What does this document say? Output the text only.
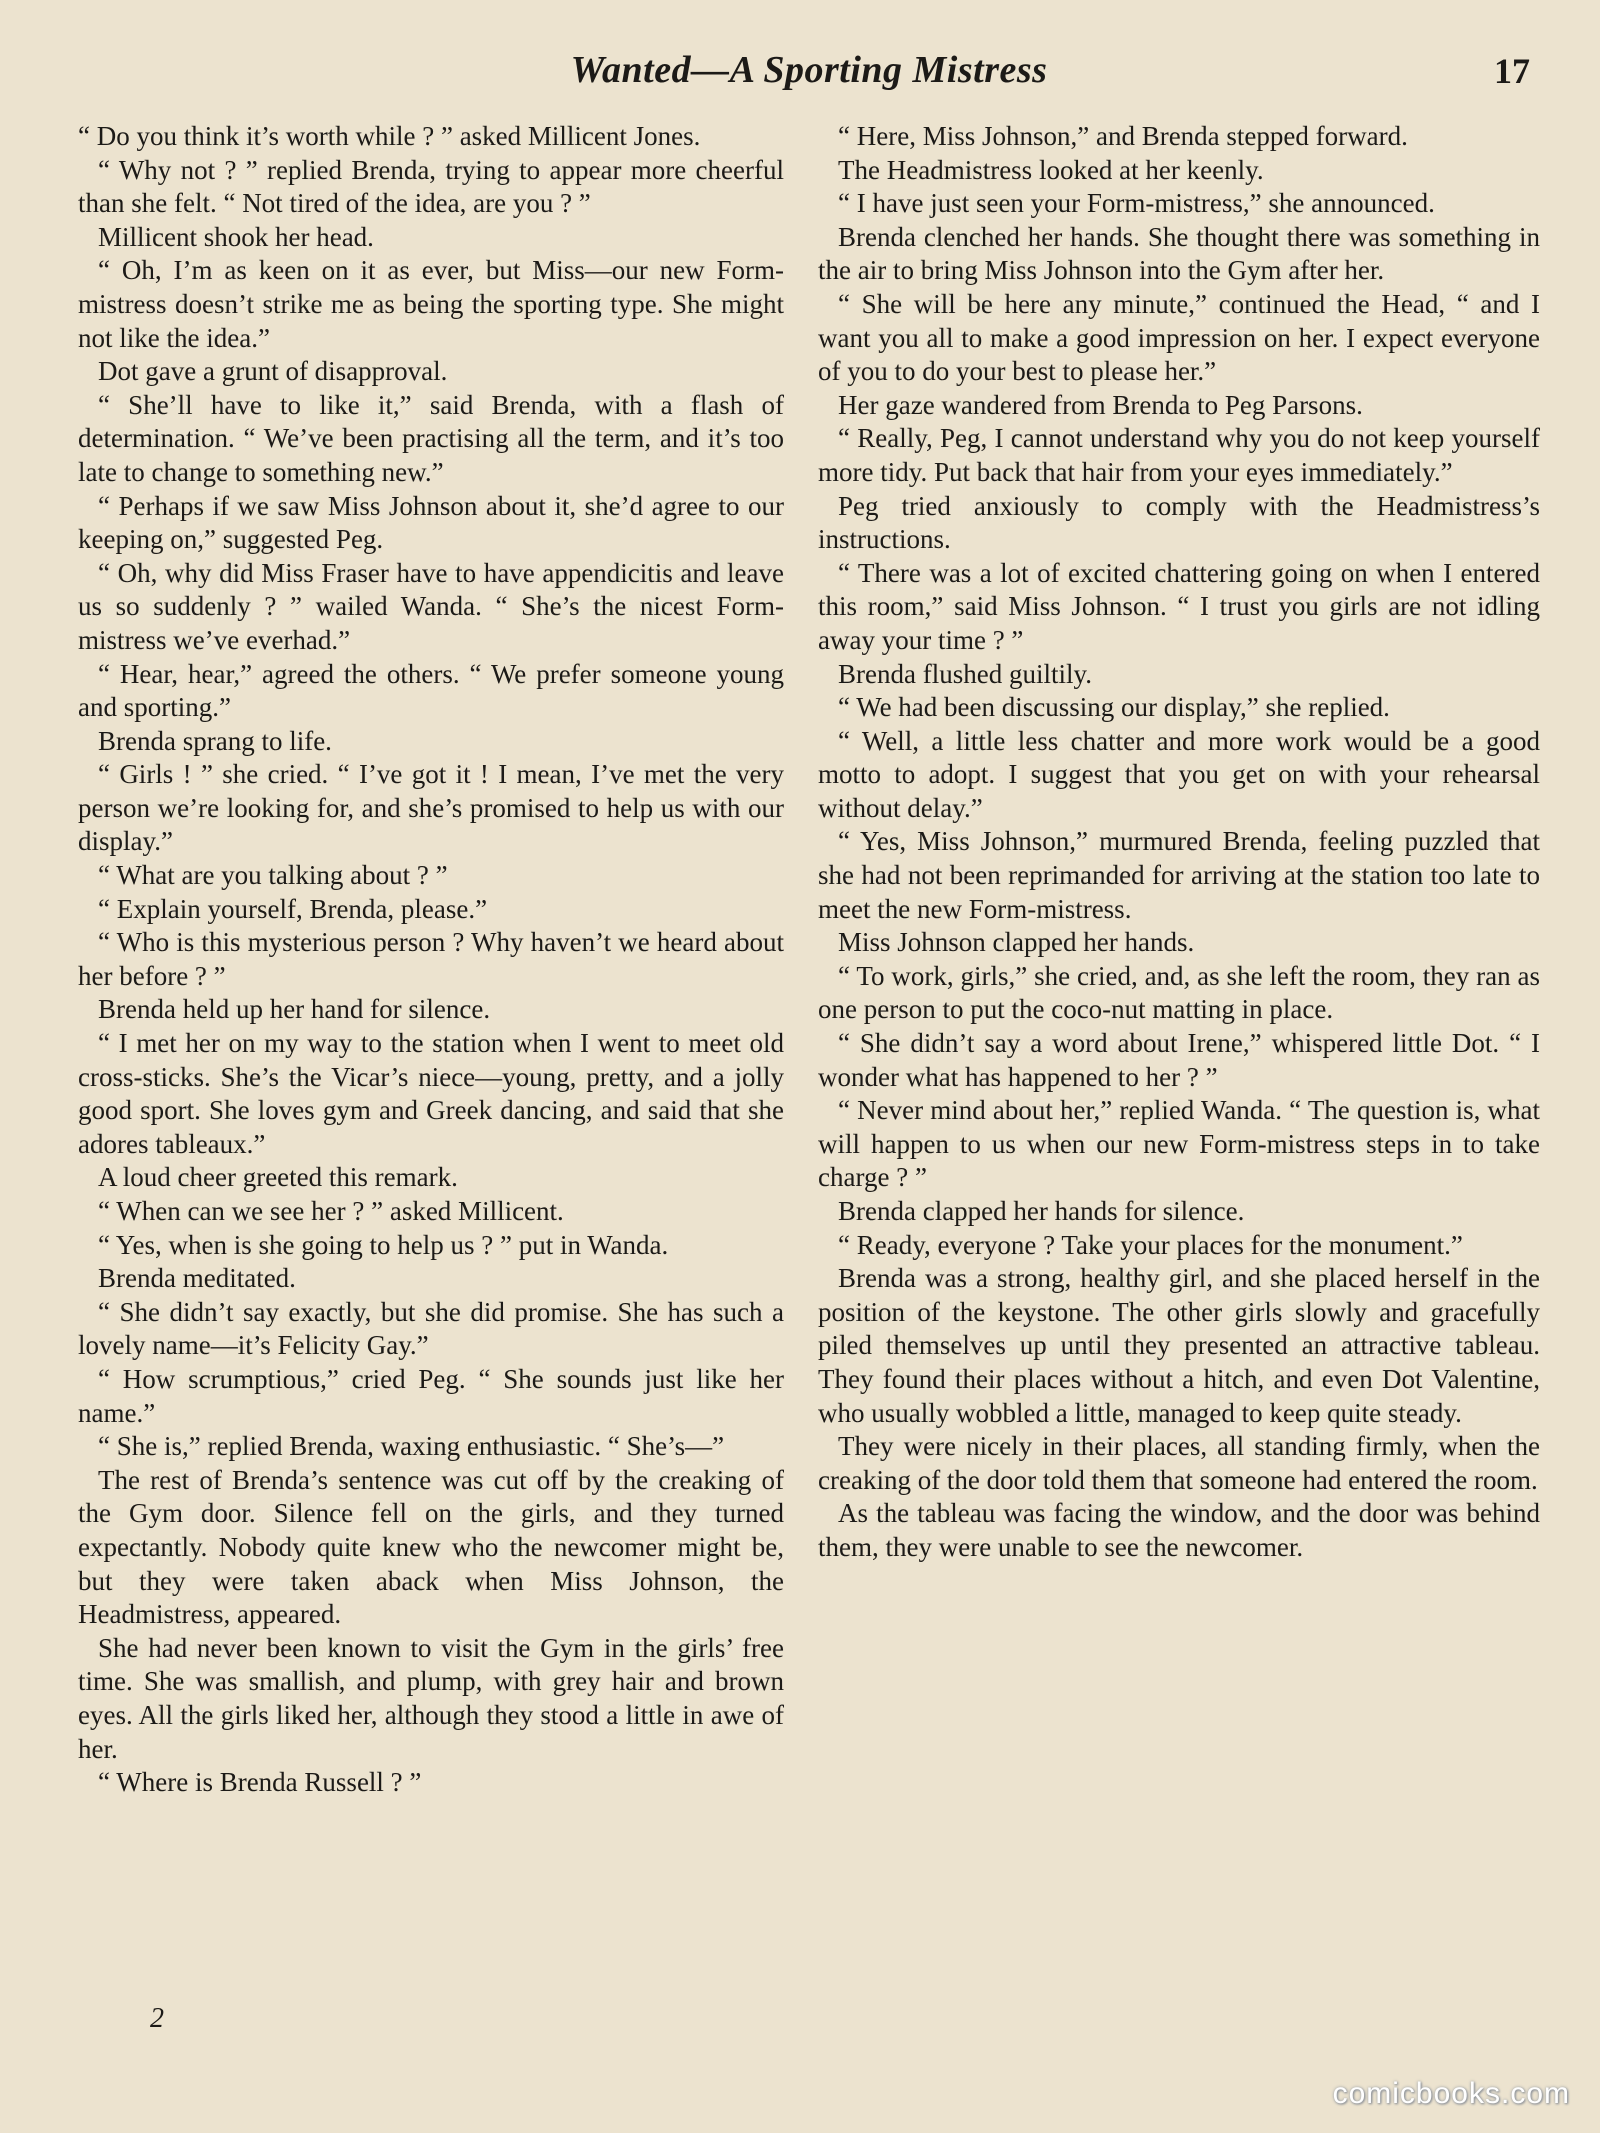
Wanted—A Sporting Mistress	17

“ Do you think it’s worth while ? ” asked Millicent Jones.

“ Why not ? ” replied Brenda, trying to appear more cheerful than she felt. “ Not tired of the idea, are you ? ”

Millicent shook her head.

“ Oh, I’m as keen on it as ever, but Miss—our new Form-mistress doesn’t strike me as being the sporting type. She might not like the idea.”

Dot gave a grunt of disapproval.

“ She’ll have to like it,” said Brenda, with a flash of determination. “ We’ve been practising all the term, and it’s too late to change to something new.”

“ Perhaps if we saw Miss Johnson about it, she’d agree to our keeping on,” suggested Peg.

“ Oh, why did Miss Fraser have to have appendicitis and leave us so suddenly ? ” wailed Wanda. “ She’s the nicest Form-mistress we’ve everhad.”

“ Hear, hear,” agreed the others. “ We prefer someone young and sporting.”

Brenda sprang to life.

“ Girls ! ” she cried. “ I’ve got it ! I mean, I’ve met the very person we’re looking for, and she’s promised to help us with our display.”

“ What are you talking about ? ”

“ Explain yourself, Brenda, please.”

“ Who is this mysterious person ? Why haven’t we heard about her before ? ”

Brenda held up her hand for silence.

“ I met her on my way to the station when I went to meet old cross-sticks. She’s the Vicar’s niece—young, pretty, and a jolly good sport. She loves gym and Greek dancing, and said that she adores tableaux.”

A loud cheer greeted this remark.

“ When can we see her ? ” asked Millicent.

“ Yes, when is she going to help us ? ” put in Wanda.

Brenda meditated.

“ She didn’t say exactly, but she did promise. She has such a lovely name—it’s Felicity Gay.”

“ How scrumptious,” cried Peg. “ She sounds just like her name.”

“ She is,” replied Brenda, waxing enthusiastic. “ She’s—”

The rest of Brenda’s sentence was cut off by the creaking of the Gym door. Silence fell on the girls, and they turned expectantly. Nobody quite knew who the newcomer might be, but they were taken aback when Miss Johnson, the Headmistress, appeared.

She had never been known to visit the Gym in the girls’ free time. She was smallish, and plump, with grey hair and brown eyes. All the girls liked her, although they stood a little in awe of her.

“ Where is Brenda Russell ? ”

“ Here, Miss Johnson,” and Brenda stepped forward.

The Headmistress looked at her keenly.

“ I have just seen your Form-mistress,” she announced.

Brenda clenched her hands. She thought there was something in the air to bring Miss Johnson into the Gym after her.

“ She will be here any minute,” continued the Head, “ and I want you all to make a good impression on her. I expect everyone of you to do your best to please her.”

Her gaze wandered from Brenda to Peg Parsons.

“ Really, Peg, I cannot understand why you do not keep yourself more tidy. Put back that hair from your eyes immediately.”

Peg tried anxiously to comply with the Headmistress’s instructions.

“ There was a lot of excited chattering going on when I entered this room,” said Miss Johnson. “ I trust you girls are not idling away your time ? ”

Brenda flushed guiltily.

“ We had been discussing our display,” she replied.

“ Well, a little less chatter and more work would be a good motto to adopt. I suggest that you get on with your rehearsal without delay.”

“ Yes, Miss Johnson,” murmured Brenda, feeling puzzled that she had not been reprimanded for arriving at the station too late to meet the new Form-mistress.

Miss Johnson clapped her hands.

“ To work, girls,” she cried, and, as she left the room, they ran as one person to put the coco-nut matting in place.

“ She didn’t say a word about Irene,” whispered little Dot. “ I wonder what has happened to her ? ”

“ Never mind about her,” replied Wanda. “ The question is, what will happen to us when our new Form-mistress steps in to take charge ? ”

Brenda clapped her hands for silence.

“ Ready, everyone ? Take your places for the monument.”

Brenda was a strong, healthy girl, and she placed herself in the position of the keystone. The other girls slowly and gracefully piled themselves up until they presented an attractive tableau. They found their places without a hitch, and even Dot Valentine, who usually wobbled a little, managed to keep quite steady.

They were nicely in their places, all standing firmly, when the creaking of the door told them that someone had entered the room.

As the tableau was facing the window, and the door was behind them, they were unable to see the newcomer.

2
comicbooks.com
